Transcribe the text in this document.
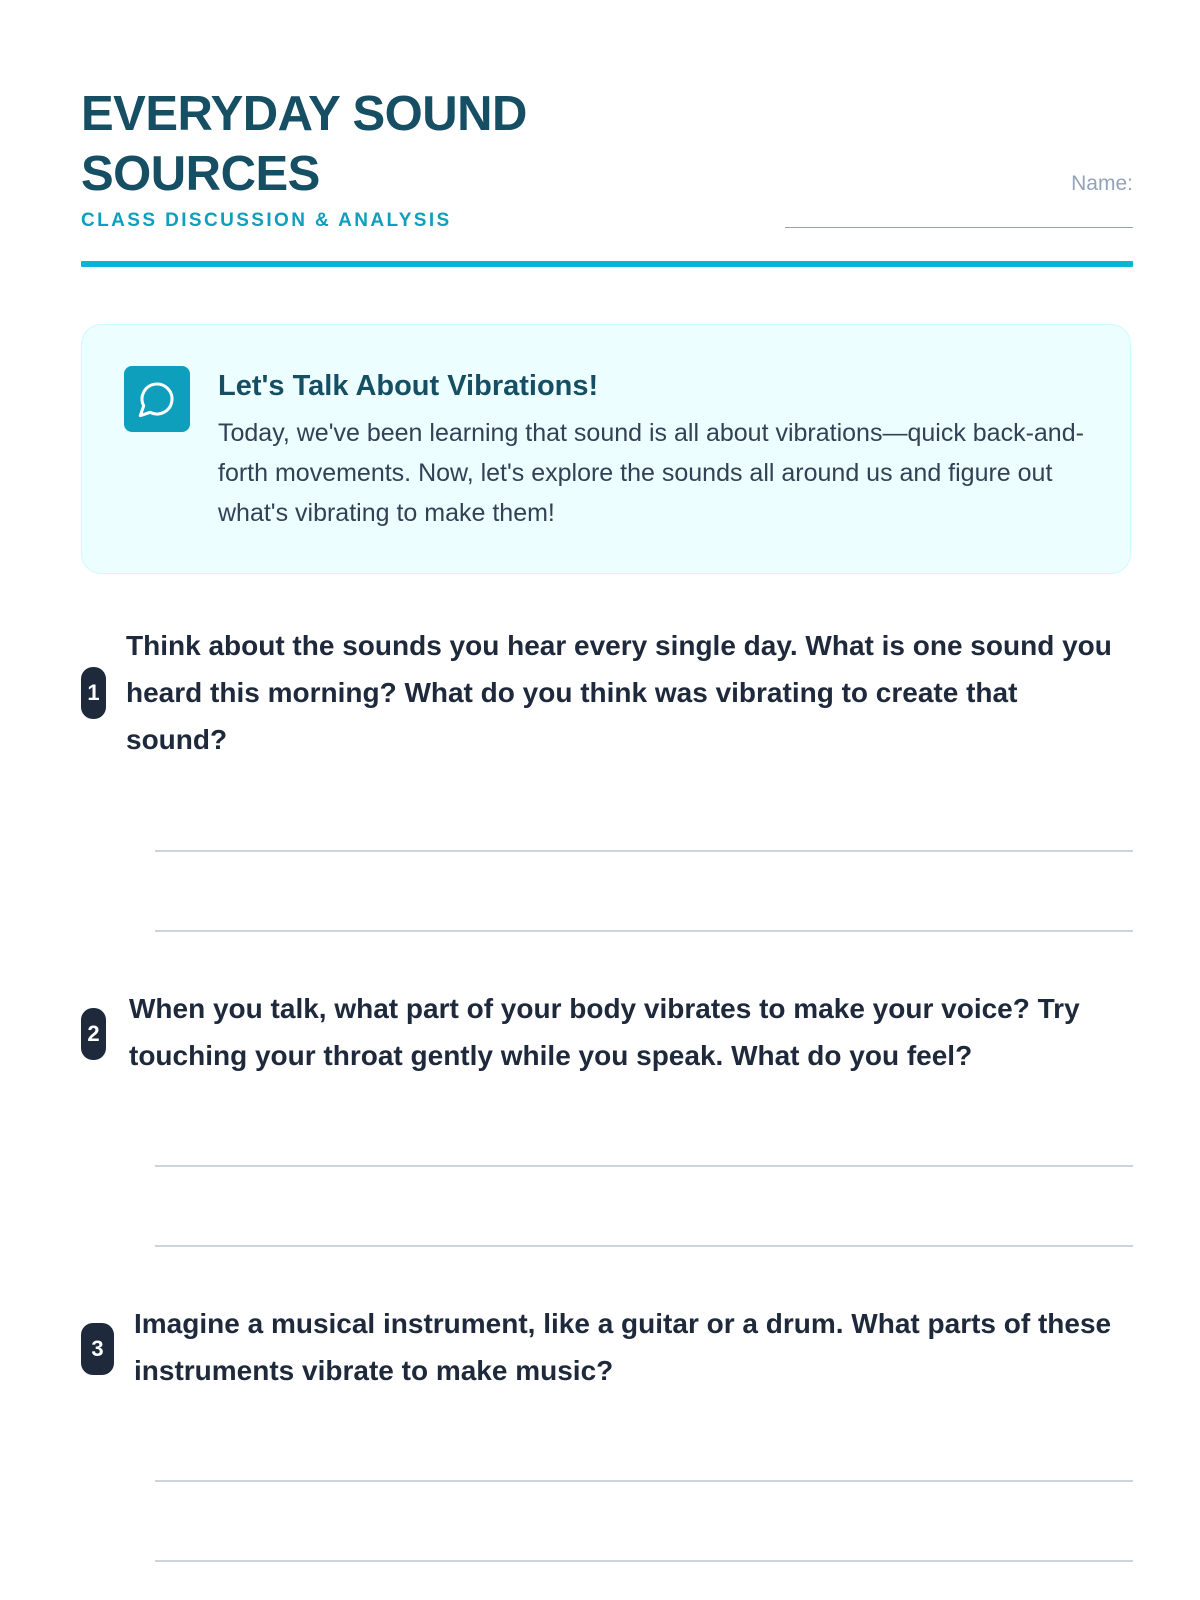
EVERYDAY SOUND SOURCES
CLASS DISCUSSION & ANALYSIS
Name:
Let's Talk About Vibrations!

Today, we've been learning that sound is all about vibrations—quick back-and-forth movements. Now, let's explore the sounds all around us and figure out what's vibrating to make them!

1

Think about the sounds you hear every single day. What is one sound you heard this morning? What do you think was vibrating to create that sound?

2

When you talk, what part of your body vibrates to make your voice? Try touching your throat gently while you speak. What do you feel?

3

Imagine a musical instrument, like a guitar or a drum. What parts of these instruments vibrate to make music?
